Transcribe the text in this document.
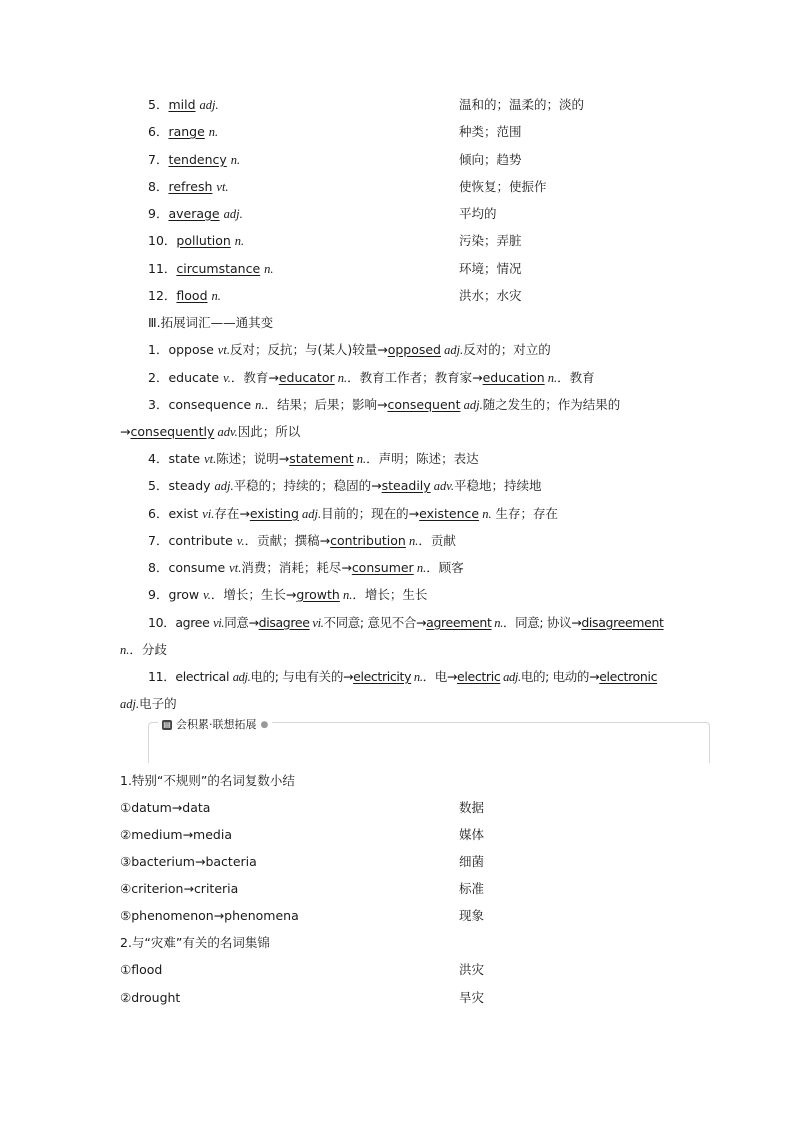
5．mild adj.	温和的；温柔的；淡的
6．range n.	种类；范围
7．tendency n.	倾向；趋势
8．refresh vt.	使恢复；使振作
9．average adj.	平均的
10．pollution n.	污染；弄脏
11．circumstance n.	环境；情况
12．flood n.	洪水；水灾
Ⅲ.拓展词汇——通其变
1．oppose vt.反对；反抗；与(某人)较量→opposed adj.反对的；对立的
2．educate v.．教育→educator n.．教育工作者；教育家→education n.．教育
3．consequence n.．结果；后果；影响→consequent adj.随之发生的；作为结果的
→consequently adv.因此；所以
4．state vt.陈述；说明→statement n.．声明；陈述；表达
5．steady adj.平稳的；持续的；稳固的→steadily adv.平稳地；持续地
6．exist vi.存在→existing adj.目前的；现在的→existence n. 生存；存在
7．contribute v.．贡献；撰稿→contribution n.．贡献
8．consume vt.消费；消耗；耗尽→consumer n.．顾客
9．grow v.．增长；生长→growth n.．增长；生长
10．agree vi.同意→disagree vi.不同意; 意见不合→agreement n.．同意; 协议→disagreement
n.．分歧
11．electrical adj.电的; 与电有关的→electricity n.．电→electric adj.电的; 电动的→electronic
adj.电子的
▤ 会积累·联想拓展 ●
1.特别“不规则”的名词复数小结
①datum→data	数据
②medium→media	媒体
③bacterium→bacteria	细菌
④criterion→criteria	标准
⑤phenomenon→phenomena	现象
2.与“灾难”有关的名词集锦
①flood	洪灾
②drought	旱灾
